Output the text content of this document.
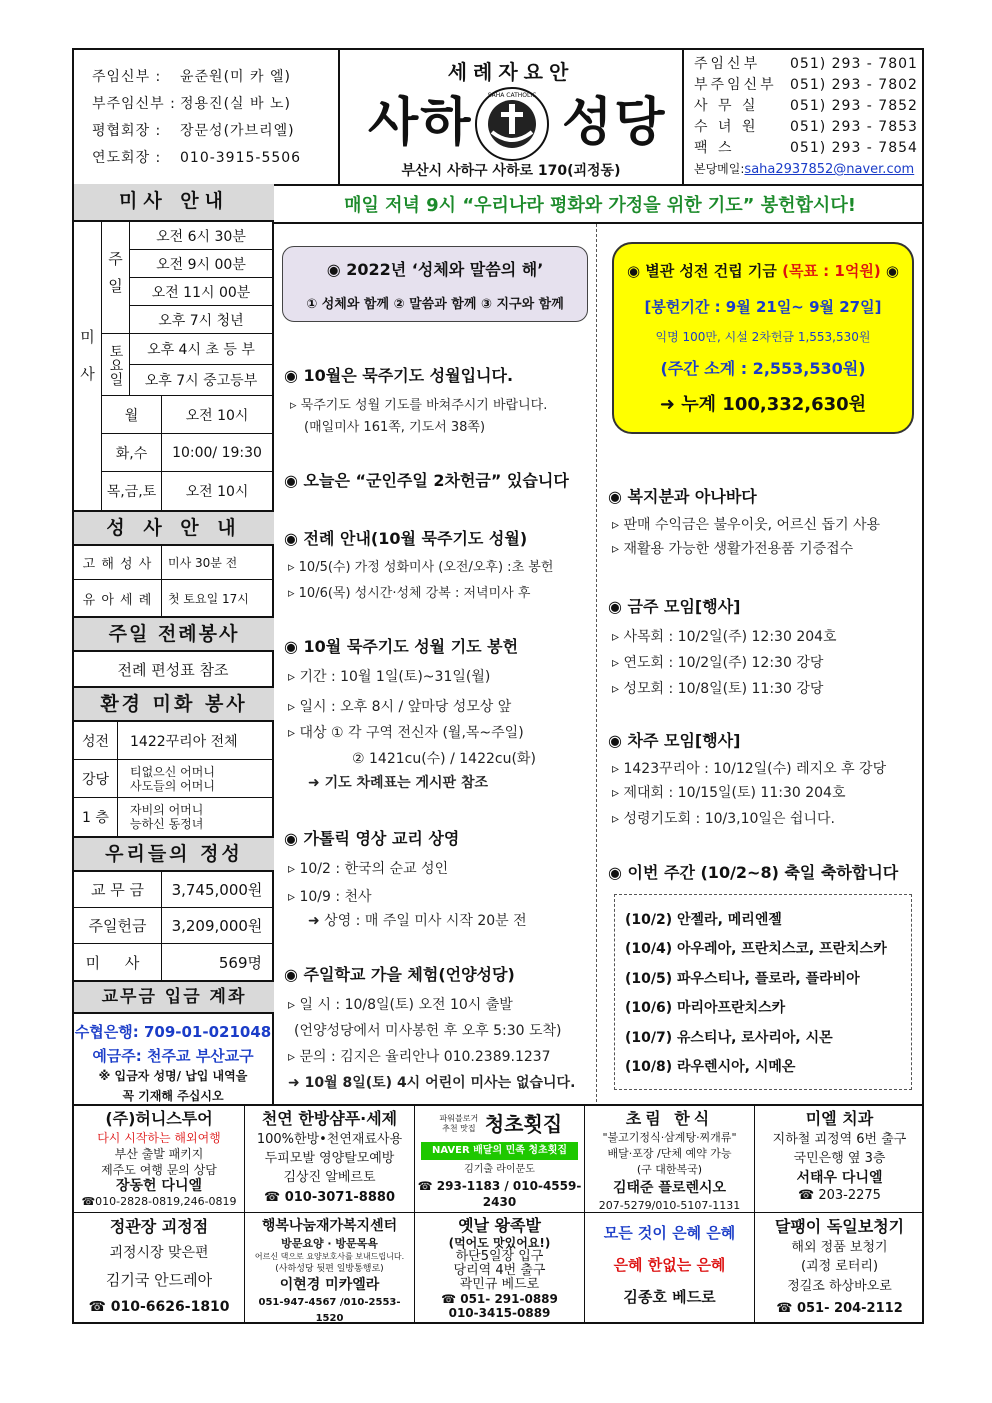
주임신부 : 윤준원(미 카 엘)
부주임신부 : 정용진(실 바 노)
평협회장 : 장문성(가브리엘)
연도회장 : 010-3915-5506
세례자요안
사하	SAHA CATHOLIC 성당
부산시 사하구 사하로 170(괴정동)
주임신부 051) 293 - 7801
부주임신부 051) 293 - 7802
사 무 실 051) 293 - 7852
수 녀 원 051) 293 - 7853
팩 스	051) 293 - 7854
본당메일:saha2937852@naver.com
매일 저녁 9시 “우리나라 평화와 가정을 위한 기도” 봉헌합시다!
미사 안내
미사
주일
오전 6시 30분
오전 9시 00분
오전 11시 00분
오후 7시 청년
토요일	오후 4시 초 등 부
오후 7시 중고등부
월	오전 10시
화,수	10:00/ 19:30
목,금,토	오전 10시
성 사 안 내
고 해 성 사	미사 30분 전
유 아 세 례	첫 토요일 17시
주일 전례봉사
전례 편성표 참조
환경 미화 봉사
성전	1422꾸리아 전체
강당	티없으신 어머니
사도들의 어머니
1 층	자비의 어머니
능하신 동정녀
우리들의 정성
교 무 금	3,745,000원
주일헌금	3,209,000원
미 사	569명
교무금 입금 계좌
수협은행: 709-01-021048
예금주: 천주교 부산교구
※ 입금자 성명/ 납입 내역을
꼭 기재해 주십시오
◉ 2022년 ‘성체와 말씀의 해’
① 성체와 함께 ② 말씀과 함께 ③ 지구와 함께
◉ 10월은 묵주기도 성월입니다.
▹ 묵주기도 성월 기도를 바쳐주시기 바랍니다.
(매일미사 161쪽, 기도서 38쪽)
◉ 오늘은 “군인주일 2차헌금” 있습니다
◉ 전례 안내(10월 묵주기도 성월)
▹ 10/5(수) 가정 성화미사 (오전/오후) :초 봉헌
▹ 10/6(목) 성시간·성체 강복 : 저녁미사 후
◉ 10월 묵주기도 성월 기도 봉헌
▹ 기간 : 10월 1일(토)~31일(월)
▹ 일시 : 오후 8시 / 앞마당 성모상 앞
▹ 대상 ① 각 구역 전신자 (월,목~주일)
② 1421cu(수) / 1422cu(화)
➜ 기도 차례표는 게시판 참조
◉ 가톨릭 영상 교리 상영
▹ 10/2 : 한국의 순교 성인
▹ 10/9 : 천사
➜ 상영 : 매 주일 미사 시작 20분 전
◉ 주일학교 가을 체험(언양성당)
▹ 일 시 : 10/8일(토) 오전 10시 출발
(언양성당에서 미사봉헌 후 오후 5:30 도착)
▹ 문의 : 김지은 율리안나 010.2389.1237
➜ 10월 8일(토) 4시 어린이 미사는 없습니다.
◉ 별관 성전 건립 기금 (목표 : 1억원) ◉
[봉헌기간 : 9월 21일~ 9월 27일]
익명 100만, 시설 2차헌금 1,553,530원
(주간 소계 : 2,553,530원)
➜ 누계 100,332,630원
◉ 복지분과 아나바다
▹ 판매 수익금은 불우이웃, 어르신 돕기 사용
▹ 재활용 가능한 생활가전용품 기증접수
◉ 금주 모임[행사]
▹ 사목회 : 10/2일(주) 12:30 204호
▹ 연도회 : 10/2일(주) 12:30 강당
▹ 성모회 : 10/8일(토) 11:30 강당
◉ 차주 모임[행사]
▹ 1423꾸리아 : 10/12일(수) 레지오 후 강당
▹ 제대회 : 10/15일(토) 11:30 204호
▹ 성령기도회 : 10/3,10일은 쉽니다.
◉ 이번 주간 (10/2~8) 축일 축하합니다
(10/2) 안젤라, 메리엔젤
(10/4) 아우레아, 프란치스코, 프란치스카
(10/5) 파우스티나, 플로라, 플라비아
(10/6) 마리아프란치스카
(10/7) 유스티나, 로사리아, 시몬
(10/8) 라우렌시아, 시메온
(주)허니스투어
다시 시작하는 해외여행
부산 출발 패키지
제주도 여행 문의 상담
장동헌 다니엘
☎010-2828-0819,246-0819
천연 한방샴푸·세제
100%한방•천연재료사용
두피모발 영양탈모예방
김상진 알베르토
☎ 010-3071-8880
파워블로거 추천 맛집 청초횟집
NAVER 배달의 민족 청초횟집
김기출 라이문도
☎ 293-1183 / 010-4559-2430
초림 한식
"불고기정식·삼계탕·찌개류"
배달·포장 /단체 예약 가능
(구 대한복국)
김태준 플로렌시오
207-5279/010-5107-1131
미엘 치과
지하철 괴정역 6번 출구
국민은행 옆 3층
서태우 다니엘
☎ 203-2275
정관장 괴정점
괴정시장 맞은편
김기국 안드레아
☎ 010-6626-1810
행복나눔재가복지센터
방문요양 · 방문목욕
어르신 댁으로 요양보호사를 보내드립니다.
(사하성당 뒷편 일방통행로)
이현경 미카엘라
051-947-4567 /010-2553-1520
옛날 왕족발
(먹어도 맛있어요!)
하단5일장 입구
당리역 4번 출구
곽민규 베드로
☎ 051- 291-0889
010-3415-0889
모든 것이 은혜 은혜
은혜 한없는 은혜
김종호 베드로
달팽이 독일보청기
해외 정품 보청기
(괴정 로터리)
정길조 하상바오로
☎ 051- 204-2112
